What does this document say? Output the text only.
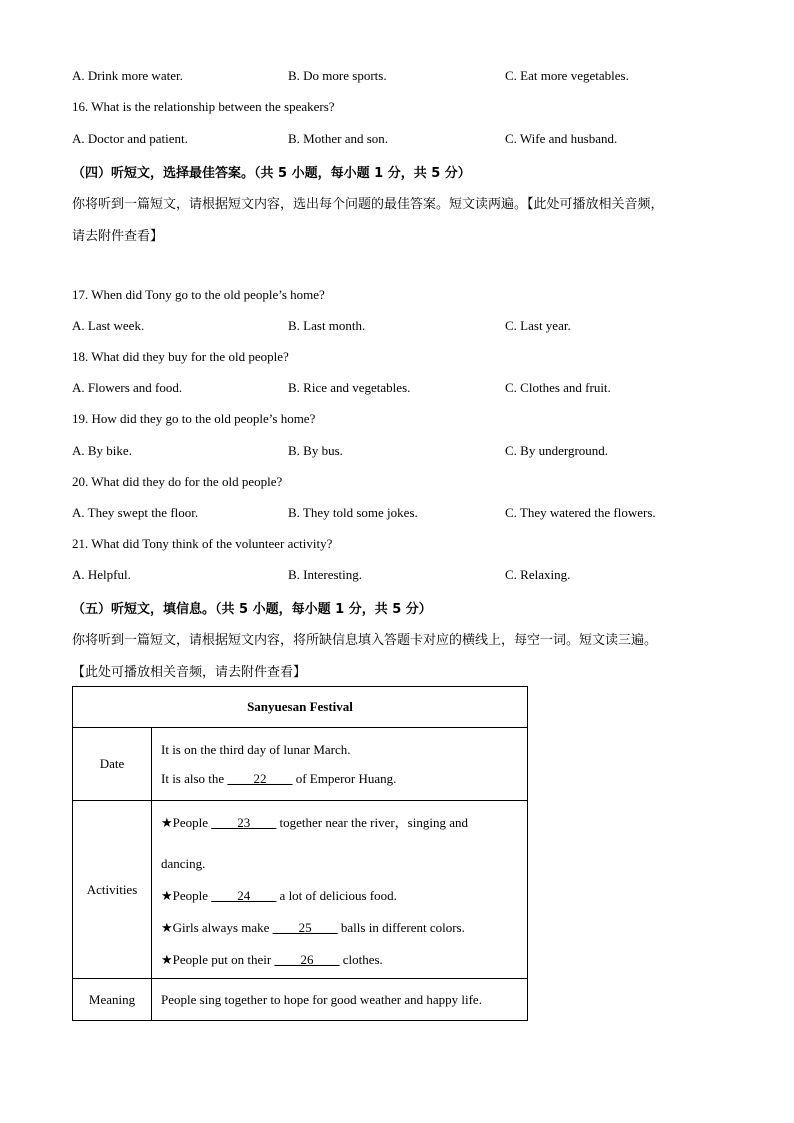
A. Drink more water.	B. Do more sports.	C. Eat more vegetables.
16. What is the relationship between the speakers?
A. Doctor and patient.	B. Mother and son.	C. Wife and husband.
（四）听短文，选择最佳答案。（共 5 小题，每小题 1 分，共 5 分）
你将听到一篇短文，请根据短文内容，选出每个问题的最佳答案。短文读两遍。【此处可播放相关音频，
请去附件查看】
17. When did Tony go to the old people’s home?
A. Last week.	B. Last month.	C. Last year.
18. What did they buy for the old people?
A. Flowers and food.	B. Rice and vegetables.	C. Clothes and fruit.
19. How did they go to the old people’s home?
A. By bike.	B. By bus.	C. By underground.
20. What did they do for the old people?
A. They swept the floor.	B. They told some jokes.	C. They watered the flowers.
21. What did Tony think of the volunteer activity?
A. Helpful.	B. Interesting.	C. Relaxing.
（五）听短文，填信息。（共 5 小题，每小题 1 分，共 5 分）
你将听到一篇短文，请根据短文内容，将所缺信息填入答题卡对应的横线上，每空一词。短文读三遍。
【此处可播放相关音频，请去附件查看】
Sanyuesan Festival	
Date	It is on the third day of lunar March.

It is also the ____22____ of Emperor Huang.

Activities	★People ____23____ together near the river，singing and

dancing.

★People ____24____ a lot of delicious food.

★Girls always make ____25____ balls in different colors.

★People put on their ____26____ clothes.

Meaning	People sing together to hope for good weather and happy life.
